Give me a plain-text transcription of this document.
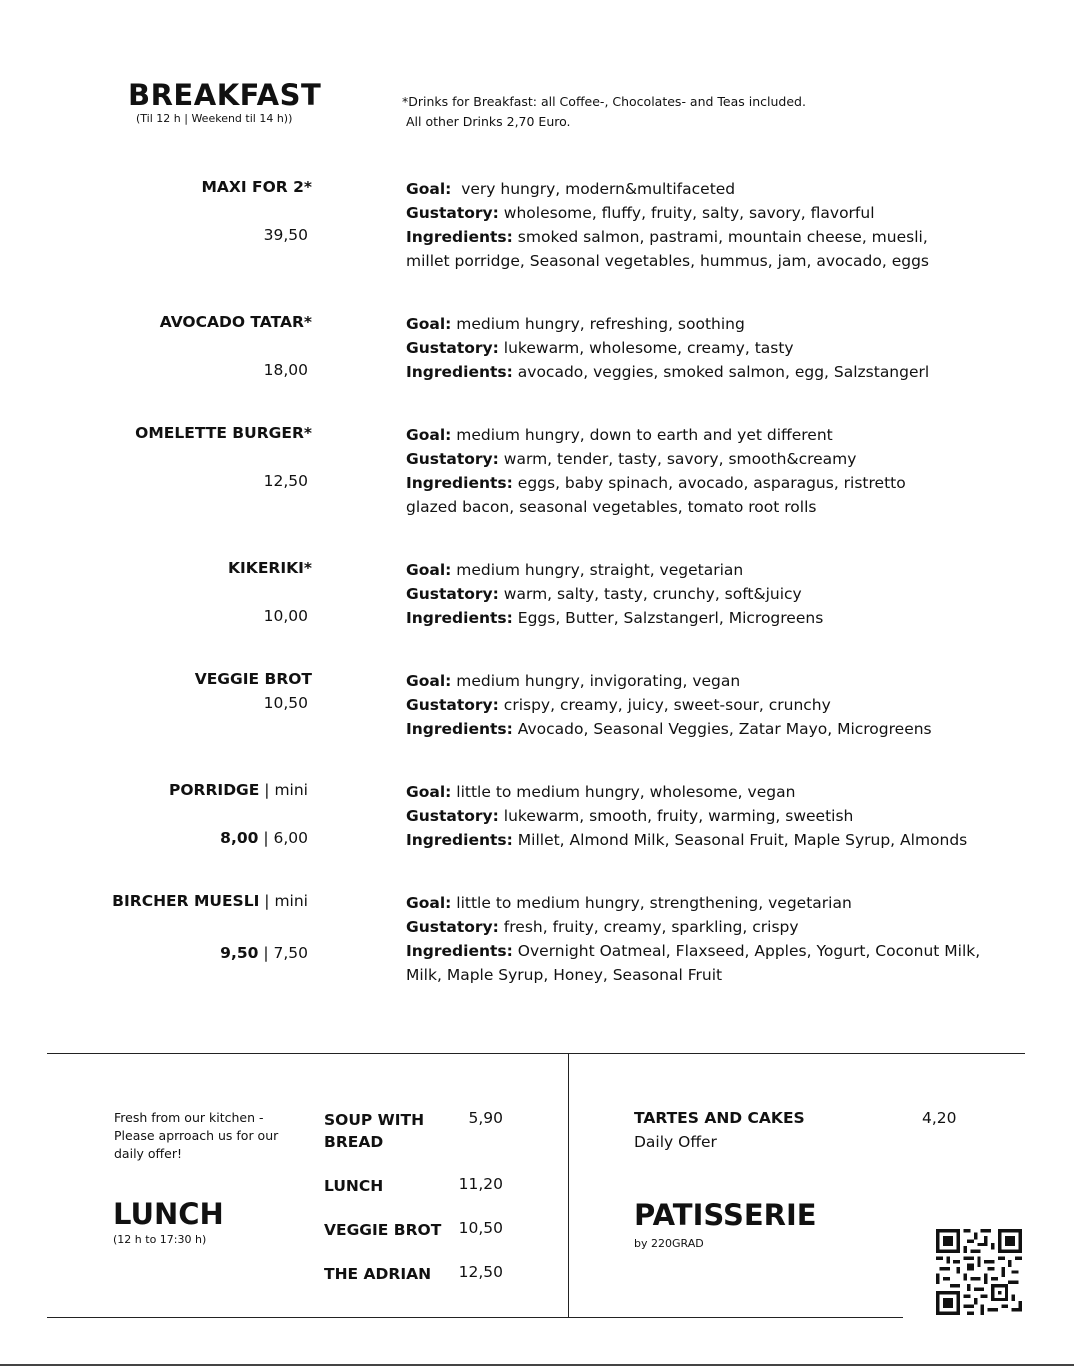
BREAKFAST
(Til 12 h | Weekend til 14 h))
*Drinks for Breakfast: all Coffee-, Chocolates- and Teas included.
All other Drinks 2,70 Euro.
MAXI FOR 2*
39,50
Goal: very hungry, modern&multifaceted
Gustatory: wholesome, fluffy, fruity, salty, savory, flavorful
Ingredients: smoked salmon, pastrami, mountain cheese, muesli, millet porridge, Seasonal vegetables, hummus, jam, avocado, eggs
AVOCADO TATAR*
18,00
Goal: medium hungry, refreshing, soothing
Gustatory: lukewarm, wholesome, creamy, tasty
Ingredients: avocado, veggies, smoked salmon, egg, Salzstangerl
OMELETTE BURGER*
12,50
Goal: medium hungry, down to earth and yet different
Gustatory: warm, tender, tasty, savory, smooth&creamy
Ingredients: eggs, baby spinach, avocado, asparagus, ristretto glazed bacon, seasonal vegetables, tomato root rolls
KIKERIKI*
10,00
Goal: medium hungry, straight, vegetarian
Gustatory: warm, salty, tasty, crunchy, soft&juicy
Ingredients: Eggs, Butter, Salzstangerl, Microgreens
VEGGIE BROT
10,50
Goal: medium hungry, invigorating, vegan
Gustatory: crispy, creamy, juicy, sweet-sour, crunchy
Ingredients: Avocado, Seasonal Veggies, Zatar Mayo, Microgreens
PORRIDGE | mini
8,00 | 6,00
Goal: little to medium hungry, wholesome, vegan
Gustatory: lukewarm, smooth, fruity, warming, sweetish
Ingredients: Millet, Almond Milk, Seasonal Fruit, Maple Syrup, Almonds
BIRCHER MUESLI | mini
9,50 | 7,50
Goal: little to medium hungry, strengthening, vegetarian
Gustatory: fresh, fruity, creamy, sparkling, crispy
Ingredients: Overnight Oatmeal, Flaxseed, Apples, Yogurt, Coconut Milk, Milk, Maple Syrup, Honey, Seasonal Fruit
Fresh from our kitchen - Please aprroach us for our daily offer!
LUNCH
(12 h to 17:30 h)
SOUP WITH BREAD
5,90
LUNCH	11,20
VEGGIE BROT	10,50
THE ADRIAN	12,50
TARTES AND CAKES
Daily Offer
4,20
PATISSERIE
by 220GRAD
